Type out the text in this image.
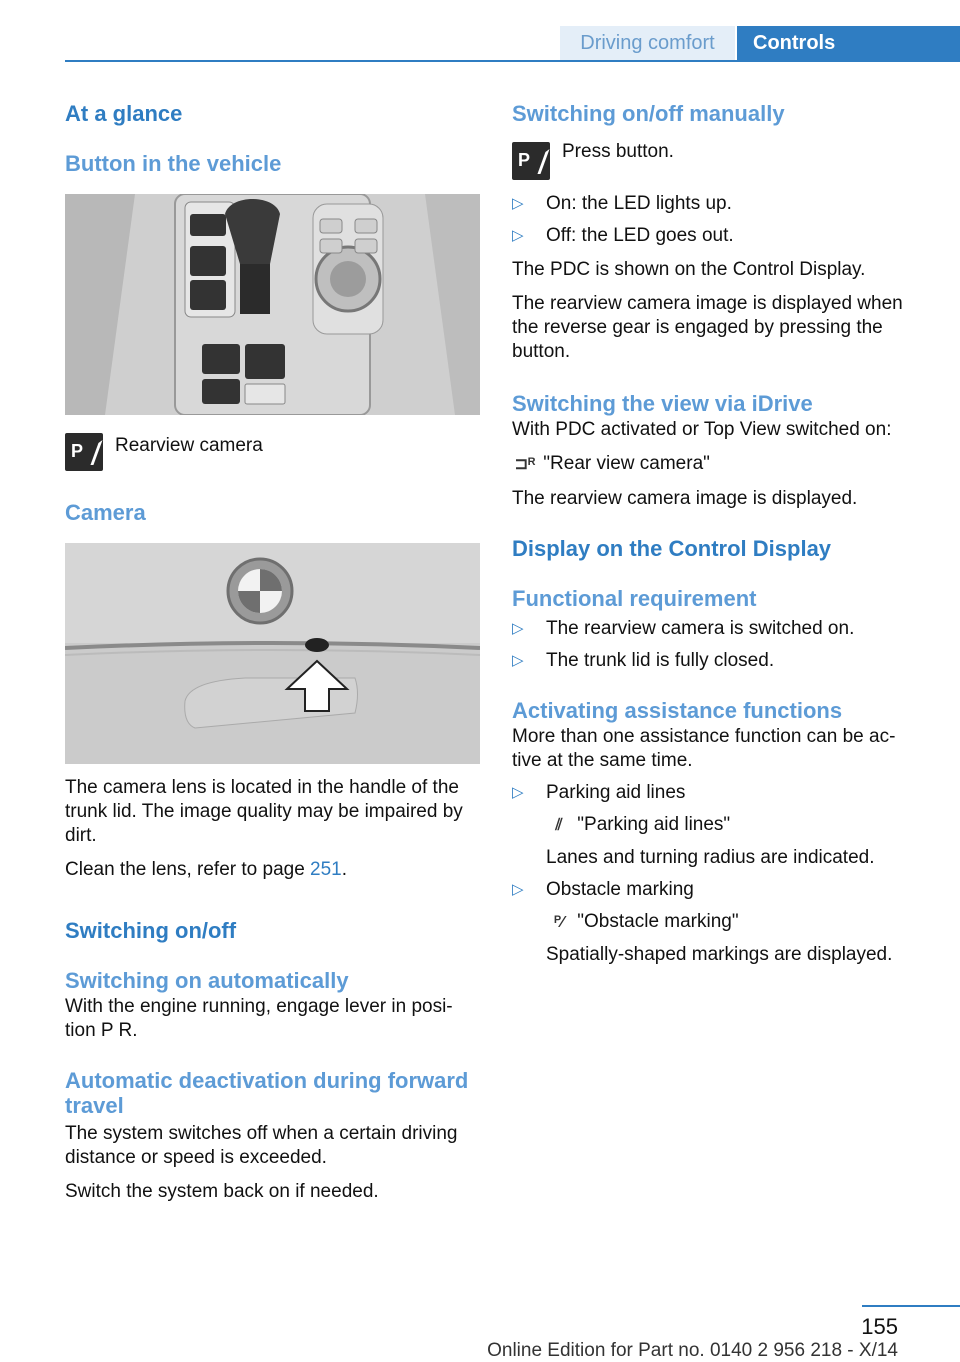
Driving comfort	Controls
At a glance
Button in the vehicle
P Rearview camera

Camera

The camera lens is located in the handle of the trunk lid. The image quality may be impaired by dirt.

Clean the lens, refer to page 251.

Switching on/off
Switching on automatically

With the engine running, engage lever in posi‐tion P R.

Automatic deactivation during forward travel

The system switches off when a certain driving distance or speed is exceeded.

Switch the system back on if needed.

Switching on/off manually
P Press button.

▷	On: the LED lights up.
▷	Off: the LED goes out.

The PDC is shown on the Control Display.

The rearview camera image is displayed when the reverse gear is engaged by pressing the button.

Switching the view via iDrive

With PDC activated or Top View switched on:

⊐ᴿ "Rear view camera"

The rearview camera image is displayed.

Display on the Control Display
Functional requirement
▷	The rearview camera is switched on.
▷	The trunk lid is fully closed.
Activating assistance functions

More than one assistance function can be ac‐tive at the same time.

▷	Parking aid lines
⫽ "Parking aid lines"
Lanes and turning radius are indicated.
▷	Obstacle marking
ᴾ⁄ "Obstacle marking"
Spatially-shaped markings are displayed.
155
Online Edition for Part no. 0140 2 956 218 - X/14
